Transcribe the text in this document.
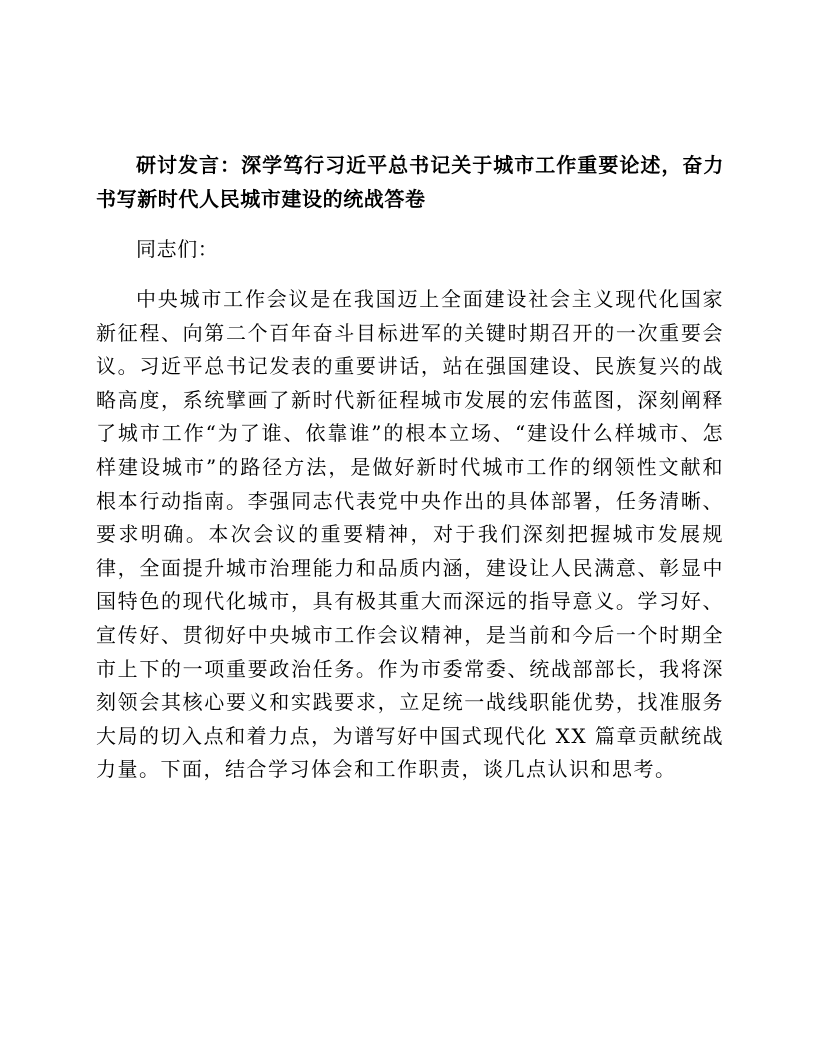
研讨发言：深学笃行习近平总书记关于城市工作重要论述，奋力书写新时代人民城市建设的统战答卷

同志们：

中央城市工作会议是在我国迈上全面建设社会主义现代化国家新征程、向第二个百年奋斗目标进军的关键时期召开的一次重要会议。习近平总书记发表的重要讲话，站在强国建设、民族复兴的战略高度，系统擘画了新时代新征程城市发展的宏伟蓝图，深刻阐释了城市工作“为了谁、依靠谁”的根本立场、“建设什么样城市、怎样建设城市”的路径方法，是做好新时代城市工作的纲领性文献和根本行动指南。李强同志代表党中央作出的具体部署，任务清晰、要求明确。本次会议的重要精神，对于我们深刻把握城市发展规律，全面提升城市治理能力和品质内涵，建设让人民满意、彰显中国特色的现代化城市，具有极其重大而深远的指导意义。学习好、宣传好、贯彻好中央城市工作会议精神，是当前和今后一个时期全市上下的一项重要政治任务。作为市委常委、统战部部长，我将深刻领会其核心要义和实践要求，立足统一战线职能优势，找准服务大局的切入点和着力点，为谱写好中国式现代化 XX 篇章贡献统战力量。下面，结合学习体会和工作职责，谈几点认识和思考。
